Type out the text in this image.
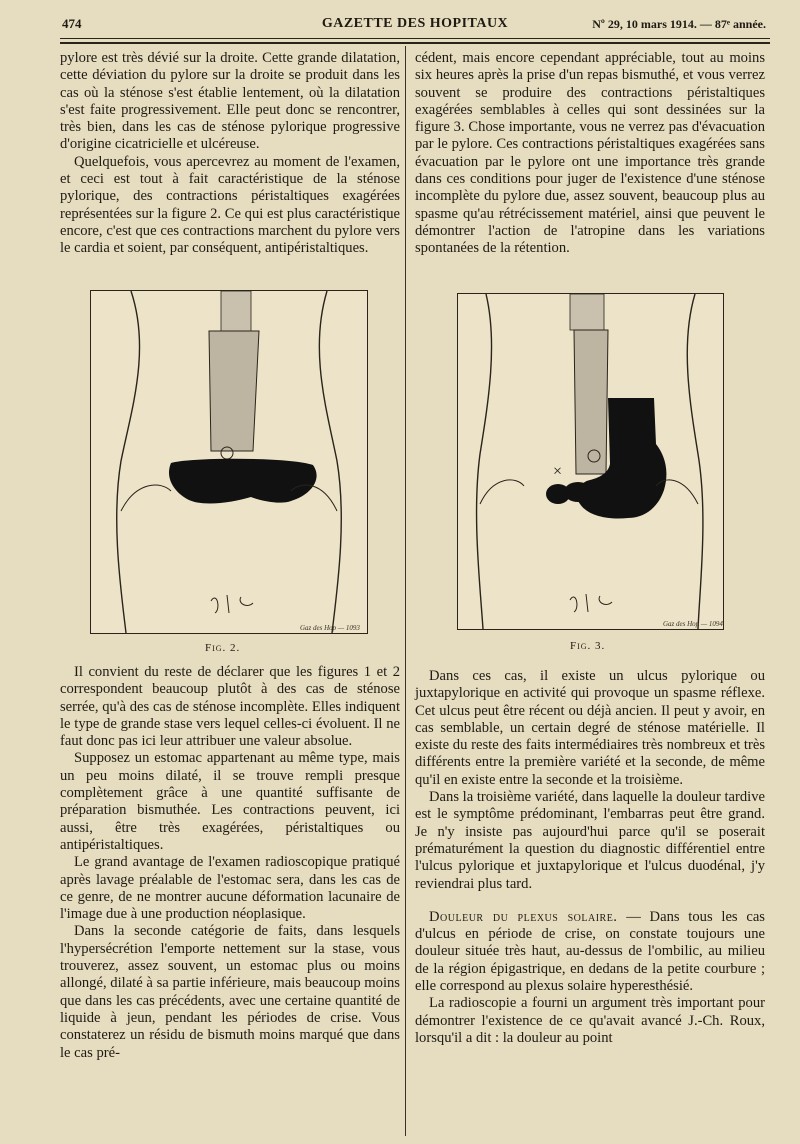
474	GAZETTE DES HOPITAUX	Nº 29, 10 mars 1914. — 87ᵉ année.

pylore est très dévié sur la droite. Cette grande dilatation, cette déviation du pylore sur la droite se produit dans les cas où la sténose s'est établie lentement, où la dilatation s'est faite progressivement. Elle peut donc se rencontrer, très bien, dans les cas de sténose pylorique progressive d'origine cicatricielle et ulcéreuse.

Quelquefois, vous apercevrez au moment de l'examen, et ceci est tout à fait caractéristique de la sténose pylorique, des contractions péristaltiques exagérées représentées sur la figure 2. Ce qui est plus caractéristique encore, c'est que ces contractions marchent du pylore vers le cardia et soient, par conséquent, antipéristaltiques.

Gaz des Hop — 1093
Fig. 2.

Il convient du reste de déclarer que les figures 1 et 2 correspondent beaucoup plutôt à des cas de sténose serrée, qu'à des cas de sténose incomplète. Elles indiquent le type de grande stase vers lequel celles-ci évoluent. Il ne faut donc pas ici leur attribuer une valeur absolue.

Supposez un estomac appartenant au même type, mais un peu moins dilaté, il se trouve rempli presque complètement grâce à une quantité suffisante de préparation bismuthée. Les contractions peuvent, ici aussi, être très exagérées, péristaltiques ou antipéristaltiques.

Le grand avantage de l'examen radioscopique pratiqué après lavage préalable de l'estomac sera, dans les cas de ce genre, de ne montrer aucune déformation lacunaire de l'image due à une production néoplasique.

Dans la seconde catégorie de faits, dans lesquels l'hypersécrétion l'emporte nettement sur la stase, vous trouverez, assez souvent, un estomac plus ou moins allongé, dilaté à sa partie inférieure, mais beaucoup moins que dans les cas précédents, avec une certaine quantité de liquide à jeun, pendant les périodes de crise. Vous constaterez un résidu de bismuth moins marqué que dans le cas pré-

cédent, mais encore cependant appréciable, tout au moins six heures après la prise d'un repas bismuthé, et vous verrez souvent se produire des contractions péristaltiques exagérées semblables à celles qui sont dessinées sur la figure 3. Chose importante, vous ne verrez pas d'évacuation par le pylore. Ces contractions péristaltiques exagérées sans évacuation par le pylore ont une importance très grande dans ces conditions pour juger de l'existence d'une sténose incomplète du pylore due, assez souvent, beaucoup plus au spasme qu'au rétrécissement matériel, ainsi que peuvent le démontrer l'action de l'atropine dans les variations spontanées de la rétention.

×
Gaz des Hop — 1094
Fig. 3.

Dans ces cas, il existe un ulcus pylorique ou juxtapylorique en activité qui provoque un spasme réflexe. Cet ulcus peut être récent ou déjà ancien. Il peut y avoir, en cas semblable, un certain degré de sténose matérielle. Il existe du reste des faits intermédiaires très nombreux et très différents entre la première variété et la seconde, de même qu'il en existe entre la seconde et la troisième.

Dans la troisième variété, dans laquelle la douleur tardive est le symptôme prédominant, l'embarras peut être grand. Je n'y insiste pas aujourd'hui parce qu'il se poserait prématurément la question du diagnostic différentiel entre l'ulcus pylorique et juxtapylorique et l'ulcus duodénal, j'y reviendrai plus tard.

Douleur du plexus solaire. — Dans tous les cas d'ulcus en période de crise, on constate toujours une douleur située très haut, au-dessus de l'ombilic, au milieu de la région épigastrique, en dedans de la petite courbure ; elle correspond au plexus solaire hyperesthésié.

La radioscopie a fourni un argument très important pour démontrer l'existence de ce qu'avait avancé J.-Ch. Roux, lorsqu'il a dit : la douleur au point
